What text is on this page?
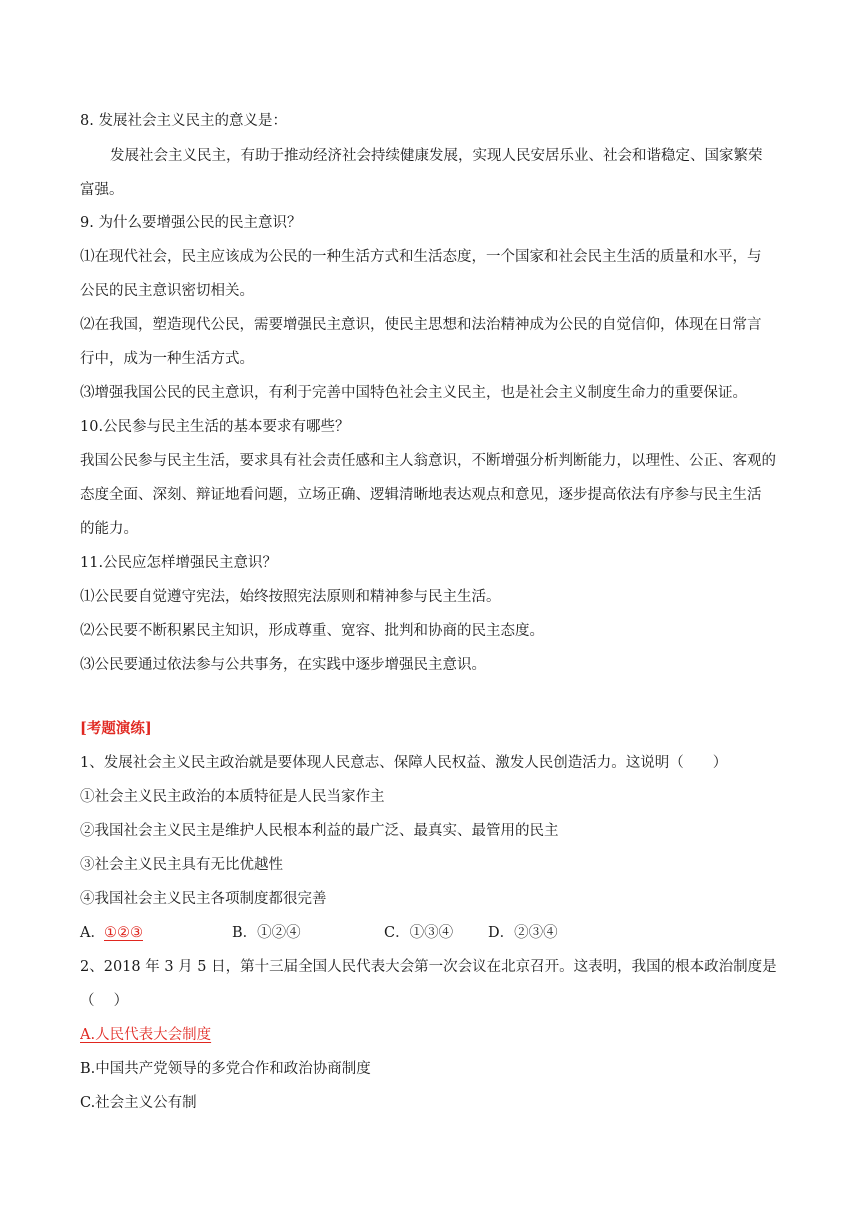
8. 发展社会主义民主的意义是：
发展社会主义民主，有助于推动经济社会持续健康发展，实现人民安居乐业、社会和谐稳定、国家繁荣
富强。
9. 为什么要增强公民的民主意识？
⑴在现代社会，民主应该成为公民的一种生活方式和生活态度，一个国家和社会民主生活的质量和水平，与
公民的民主意识密切相关。
⑵在我国，塑造现代公民，需要增强民主意识，使民主思想和法治精神成为公民的自觉信仰，体现在日常言
行中，成为一种生活方式。
⑶增强我国公民的民主意识，有利于完善中国特色社会主义民主，也是社会主义制度生命力的重要保证。
10.公民参与民主生活的基本要求有哪些？
我国公民参与民主生活，要求具有社会责任感和主人翁意识，不断增强分析判断能力，以理性、公正、客观的
态度全面、深刻、辩证地看问题，立场正确、逻辑清晰地表达观点和意见，逐步提高依法有序参与民主生活
的能力。
11.公民应怎样增强民主意识？
⑴公民要自觉遵守宪法，始终按照宪法原则和精神参与民主生活。
⑵公民要不断积累民主知识，形成尊重、宽容、批判和协商的民主态度。
⑶公民要通过依法参与公共事务，在实践中逐步增强民主意识。
[考题演练]
1、发展社会主义民主政治就是要体现人民意志、保障人民权益、激发人民创造活力。这说明（　　）
①社会主义民主政治的本质特征是人民当家作主
②我国社会主义民主是维护人民根本利益的最广泛、最真实、最管用的民主
③社会主义民主具有无比优越性
④我国社会主义民主各项制度都很完善
A． ①②③	B．①②④	C．①③④ D．②③④
2、2018 年 3 月 5 日，第十三届全国人民代表大会第一次会议在北京召开。这表明，我国的根本政治制度是
（　 ）
A.人民代表大会制度
B.中国共产党领导的多党合作和政治协商制度
C.社会主义公有制
